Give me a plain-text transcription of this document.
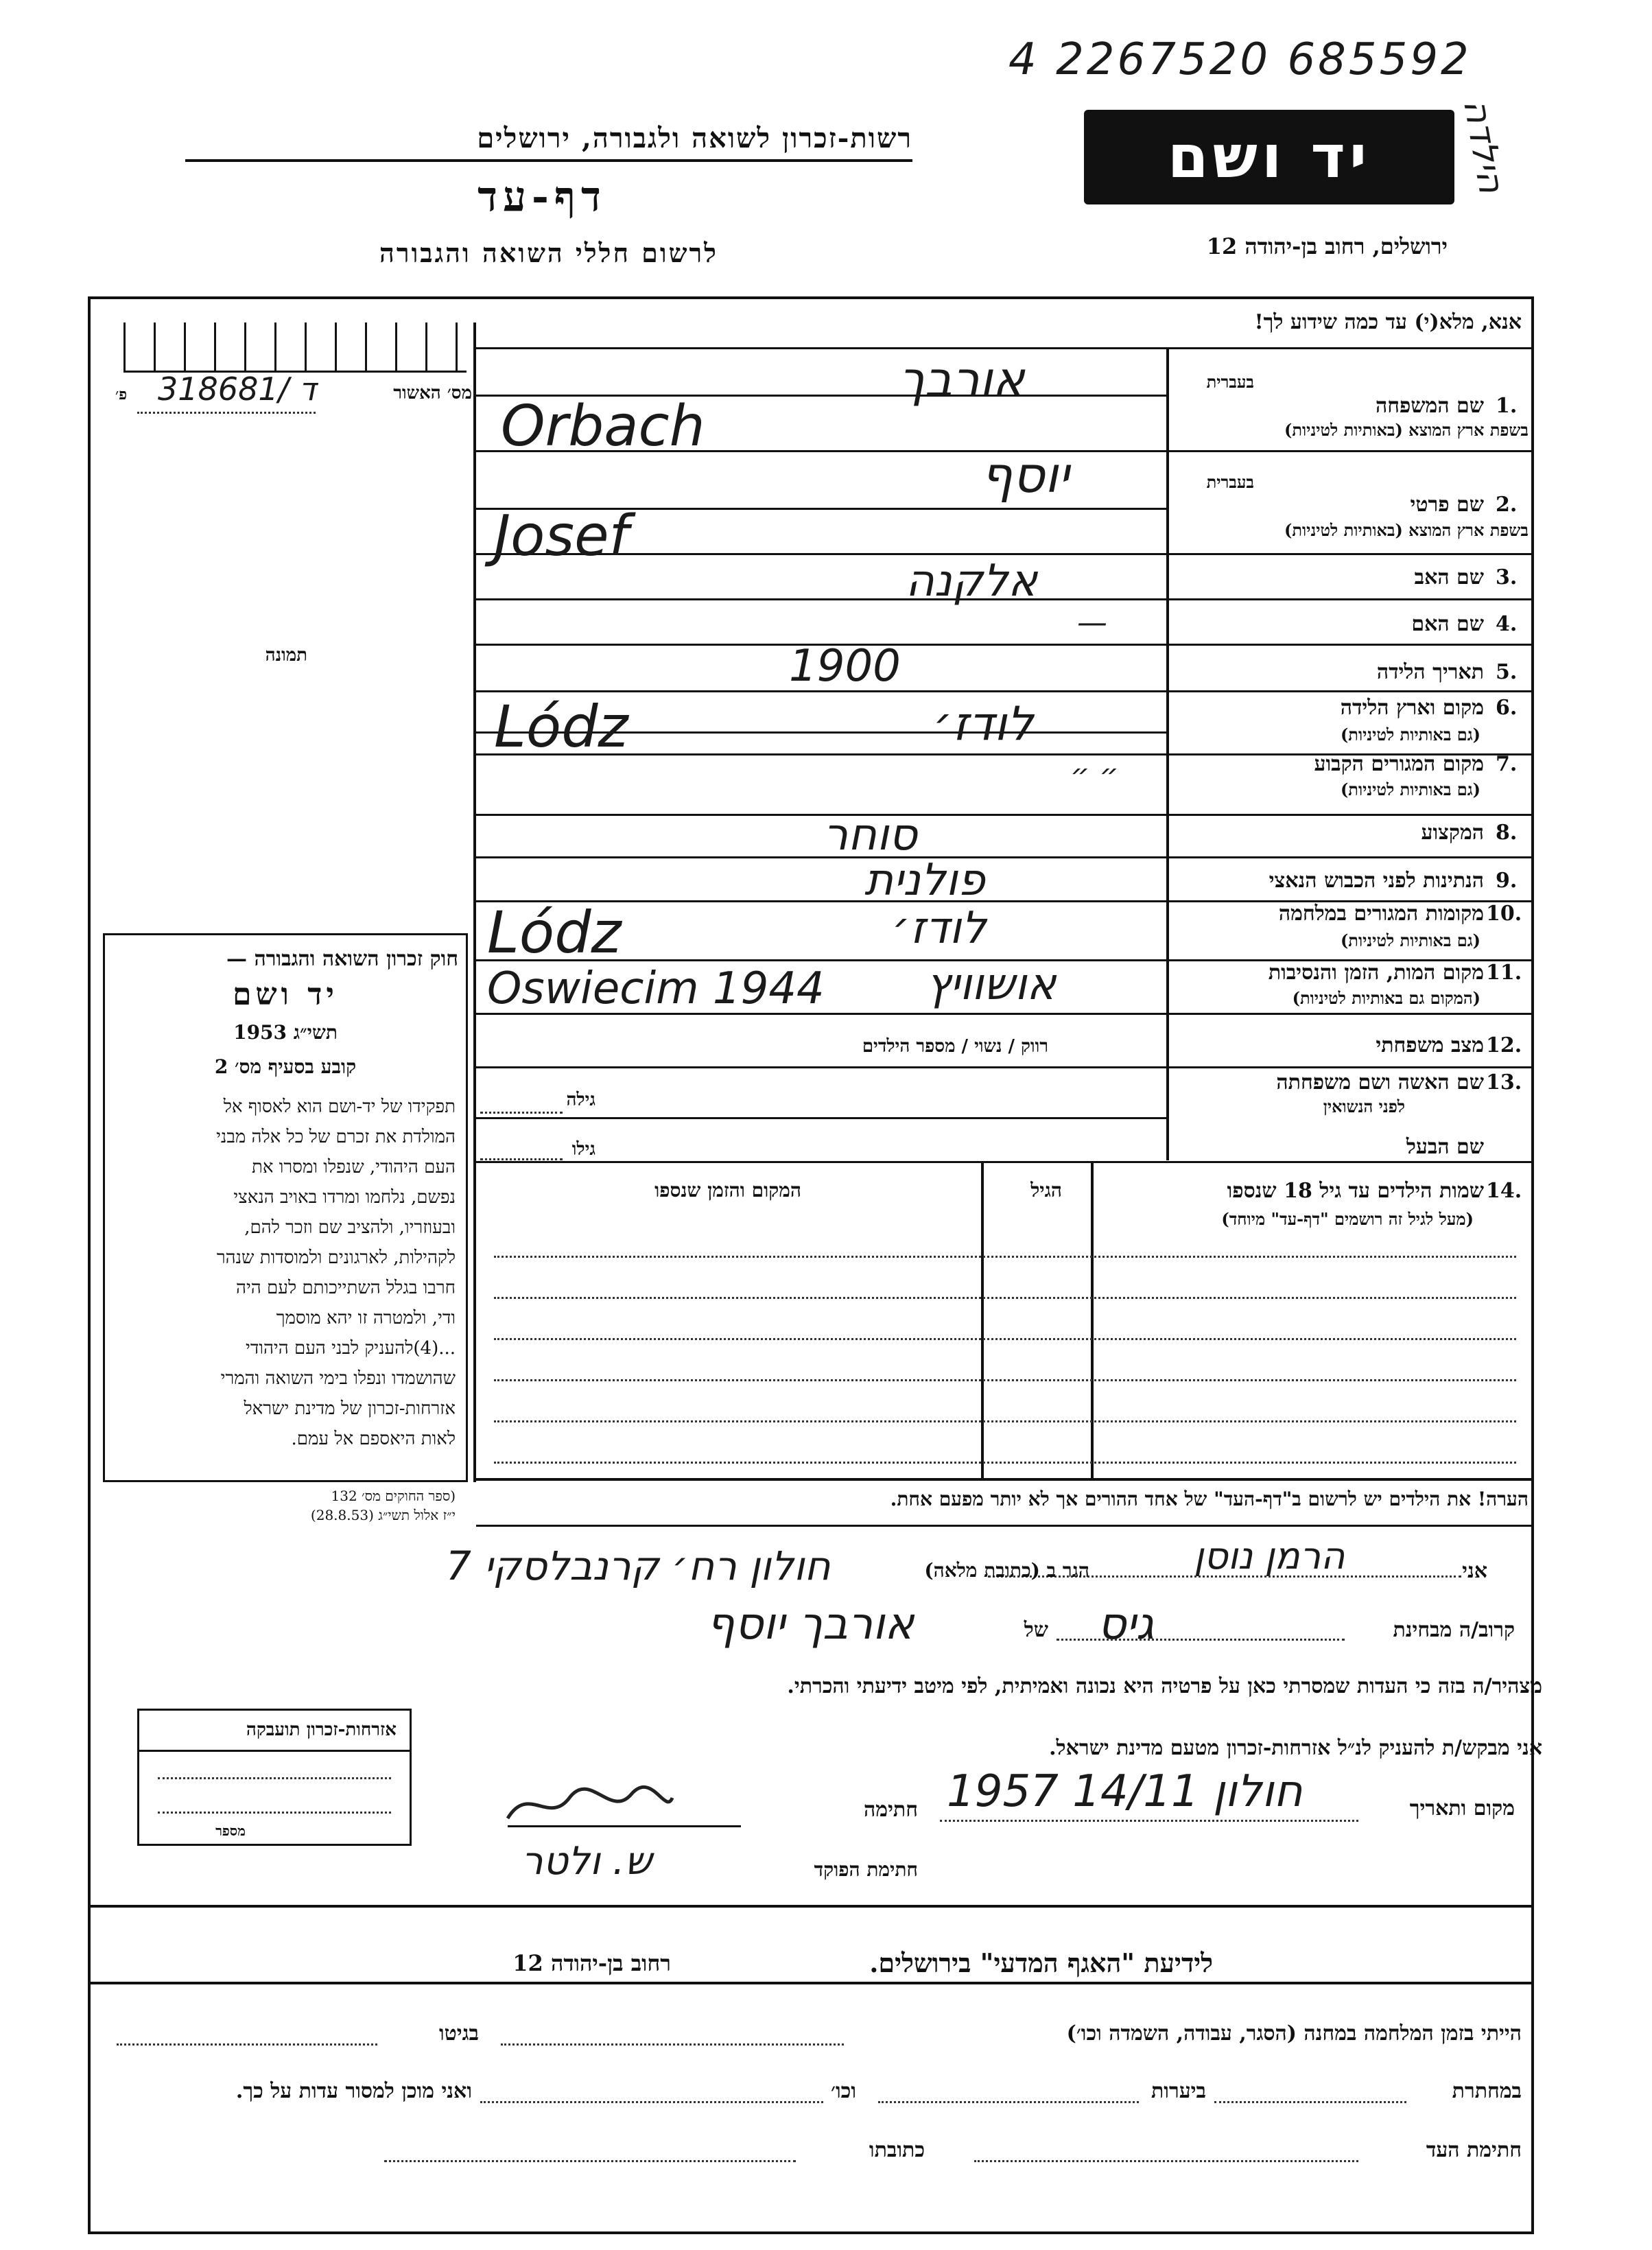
4 2267520 685592
הילדה
רשות-זכרון לשואה ולגבורה, ירושלים
דף-עד
לרשום חללי השואה והגבורה
יד ושם
ירושלים, רחוב בן-יהודה 12
אנא, מלא(י) עד כמה שידוע לך!
מס׳ האשור
318681/ ד
פ׳
תמונה
בעברית
1.
שם המשפחה
בשפת ארץ המוצא (באותיות לטיניות)
אורבך
Orbach
בעברית
2.
שם פרטי
בשפת ארץ המוצא (באותיות לטיניות)
יוסף
Josef
3.
שם האב
אלקנה
4.
שם האם
—
5.
תאריך הלידה
1900
6.
מקום וארץ הלידה
(גם באותיות לטיניות)
לודז׳
Lódz
7.
מקום המגורים הקבוע
(גם באותיות לטיניות)
״ ״
8.
המקצוע
סוחר
9.
הנתינות לפני הכבוש הנאצי
פולנית
10.
מקומות המגורים במלחמה
(גם באותיות לטיניות)
לודז׳
Lódz
11.
מקום המות, הזמן והנסיבות
(המקום גם באותיות לטיניות)
אושוויץ
Oswiecim 1944
12.
מצב משפחתי
רווק / נשוי / מספר הילדים
13.
שם האשה ושם משפחתה
לפני הנשואין
גילה
שם הבעל
גילו
14.
שמות הילדים עד גיל 18 שנספו
(מעל לגיל זה רושמים "דף-עד" מיוחד)
הגיל
המקום והזמן שנספו
הערה! את הילדים יש לרשום ב"דף-העד" של אחד ההורים אך לא יותר מפעם אחת.
חוק זכרון השואה והגבורה —
יד ושם
תשי״ג 1953
קובע בסעיף מס׳ 2
תפקידו של יד-ושם הוא לאסוף אל
המולדת את זכרם של כל אלה מבני
העם היהודי, שנפלו ומסרו את
נפשם, נלחמו ומרדו באויב הנאצי
ובעוזריו, ולהציב שם וזכר להם,
לקהילות, לארגונים ולמוסדות שנהר
חרבו בגלל השתייכותם לעם היה
ודי, ולמטרה זו יהא מוסמך
...(4)להעניק לבני העם היהודי
שהושמדו ונפלו בימי השואה והמרי
אזרחות-זכרון של מדינת ישראל
לאות היאספם אל עמם.
(ספר החוקים מס׳ 132
י״ז אלול תשי״ג (28.8.53)
אני
הרמן נוסן
הגר ב (כתובת מלאה)
חולון רח׳ קרנבלסקי 7
קרוב/ה מבחינת
גיס
של
אורבך יוסף
מצהיר/ה בזה כי העדות שמסרתי כאן על פרטיה היא נכונה ואמיתית, לפי מיטב ידיעתי והכרתי.
אני מבקש/ת להעניק לנ״ל אזרחות-זכרון מטעם מדינת ישראל.
מקום ותאריך
חולון 14/11 1957
חתימה
חתימת הפוקד
ש. ולטר
אזרחות-זכרון תועבקה
מספר
לידיעת "האגף המדעי" בירושלים.
רחוב בן-יהודה 12
הייתי בזמן המלחמה במחנה (הסגר, עבודה, השמדה וכו׳)
בגיטו
במחתרת
ביערות
וכו׳
ואני מוכן למסור עדות על כך.
חתימת העד
כתובתו
